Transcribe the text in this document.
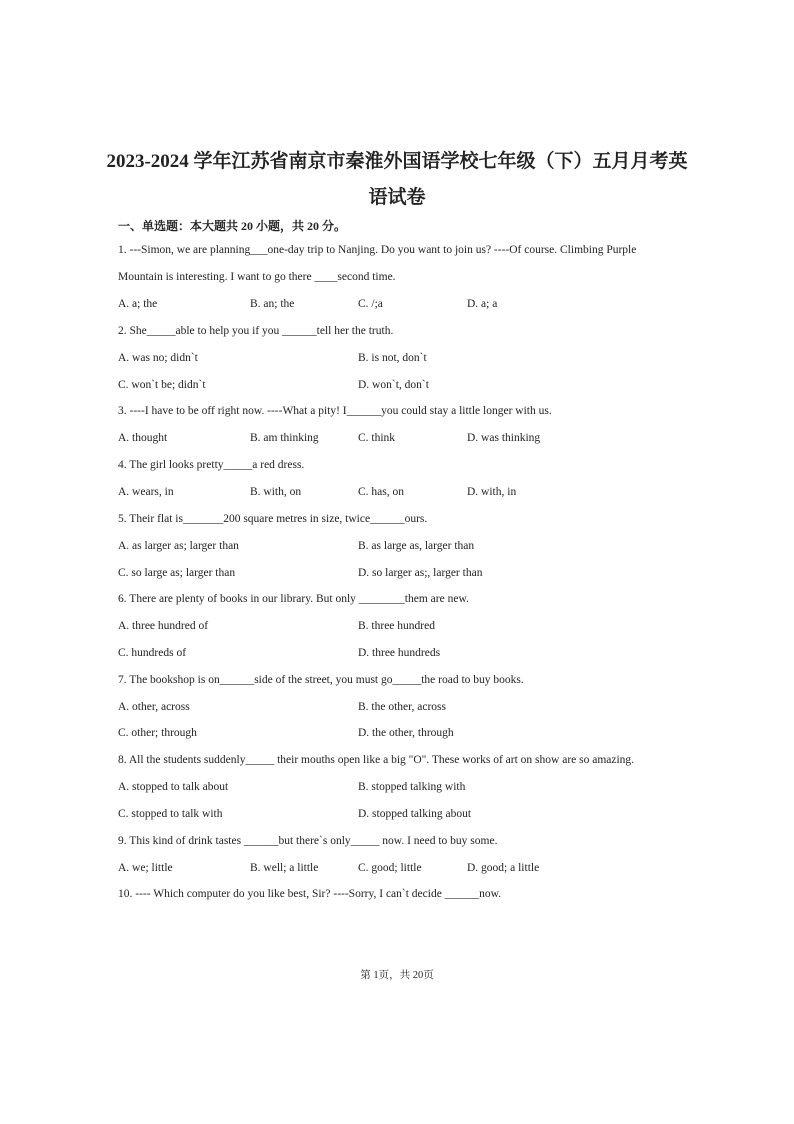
2023-2024 学年江苏省南京市秦淮外国语学校七年级（下）五月月考英
语试卷
一、单选题：本大题共 20 小题，共 20 分。
1. ---Simon, we are planning___one-day trip to Nanjing. Do you want to join us? ----Of course. Climbing Purple
Mountain is interesting. I want to go there ____second time.
A. a; the	B. an; the	C. /;a	D. a; a
2. She_____able to help you if you ______tell her the truth.
A. was no; didn`t	B. is not, don`t
C. won`t be; didn`t	D. won`t, don`t
3. ----I have to be off right now. ----What a pity! I______you could stay a little longer with us.
A. thought	B. am thinking	C. think	D. was thinking
4. The girl looks pretty_____a red dress.
A. wears, in	B. with, on	C. has, on	D. with, in
5. Their flat is_______200 square metres in size, twice______ours.
A. as larger as; larger than	B. as large as, larger than
C. so large as; larger than	D. so larger as;, larger than
6. There are plenty of books in our library. But only ________them are new.
A. three hundred of	B. three hundred
C. hundreds of	D. three hundreds
7. The bookshop is on______side of the street, you must go_____the road to buy books.
A. other, across	B. the other, across
C. other; through	D. the other, through
8. All the students suddenly_____ their mouths open like a big "O". These works of art on show are so amazing.
A. stopped to talk about	B. stopped talking with
C. stopped to talk with	D. stopped talking about
9. This kind of drink tastes ______but there`s only_____ now. I need to buy some.
A. we; little	B. well; a little	C. good; little	D. good; a little
10. ---- Which computer do you like best, Sir? ----Sorry, I can`t decide ______now.
第 1页，共 20页
